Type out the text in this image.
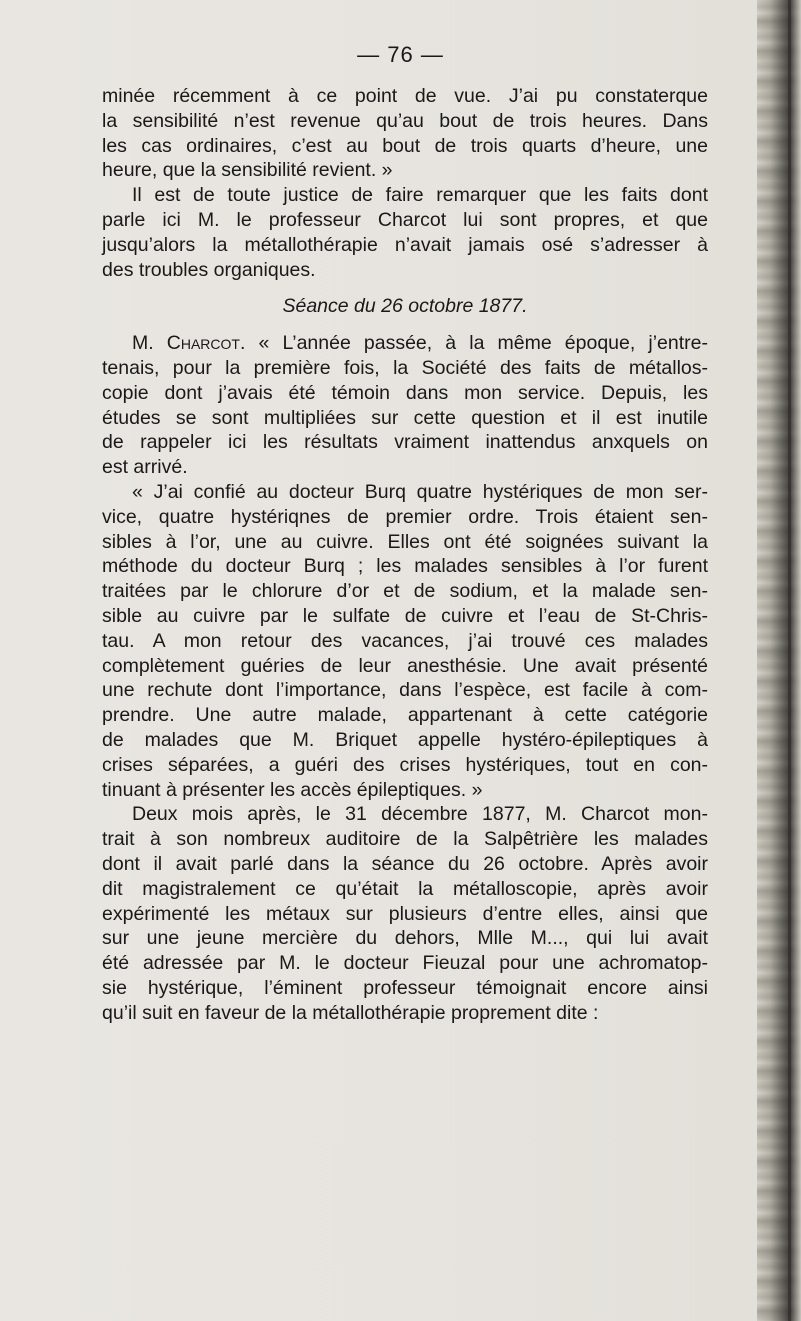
— 76 —

minée récemment à ce point de vue. J’ai pu constaterque

la sensibilité n’est revenue qu’au bout de trois heures. Dans

les cas ordinaires, c’est au bout de trois quarts d’heure, une

heure, que la sensibilité revient. »

Il est de toute justice de faire remarquer que les faits dont

parle ici M. le professeur Charcot lui sont propres, et que

jusqu’alors la métallothérapie n’avait jamais osé s’adresser à

des troubles organiques.

Séance du 26 octobre 1877.

M. Charcot. « L’année passée, à la même époque, j’entre-

tenais, pour la première fois, la Société des faits de métallos-

copie dont j’avais été témoin dans mon service. Depuis, les

études se sont multipliées sur cette question et il est inutile

de rappeler ici les résultats vraiment inattendus anxquels on

est arrivé.

« J’ai confié au docteur Burq quatre hystériques de mon ser-

vice, quatre hystériqnes de premier ordre. Trois étaient sen-

sibles à l’or, une au cuivre. Elles ont été soignées suivant la

méthode du docteur Burq ; les malades sensibles à l’or furent

traitées par le chlorure d’or et de sodium, et la malade sen-

sible au cuivre par le sulfate de cuivre et l’eau de St-Chris-

tau. A mon retour des vacances, j’ai trouvé ces malades

complètement guéries de leur anesthésie. Une avait présenté

une rechute dont l’importance, dans l’espèce, est facile à com-

prendre. Une autre malade, appartenant à cette catégorie

de malades que M. Briquet appelle hystéro-épileptiques à

crises séparées, a guéri des crises hystériques, tout en con-

tinuant à présenter les accès épileptiques. »

Deux mois après, le 31 décembre 1877, M. Charcot mon-

trait à son nombreux auditoire de la Salpêtrière les malades

dont il avait parlé dans la séance du 26 octobre. Après avoir

dit magistralement ce qu’était la métalloscopie, après avoir

expérimenté les métaux sur plusieurs d’entre elles, ainsi que

sur une jeune mercière du dehors, Mlle M..., qui lui avait

été adressée par M. le docteur Fieuzal pour une achromatop-

sie hystérique, l’éminent professeur témoignait encore ainsi

qu’il suit en faveur de la métallothérapie proprement dite :
